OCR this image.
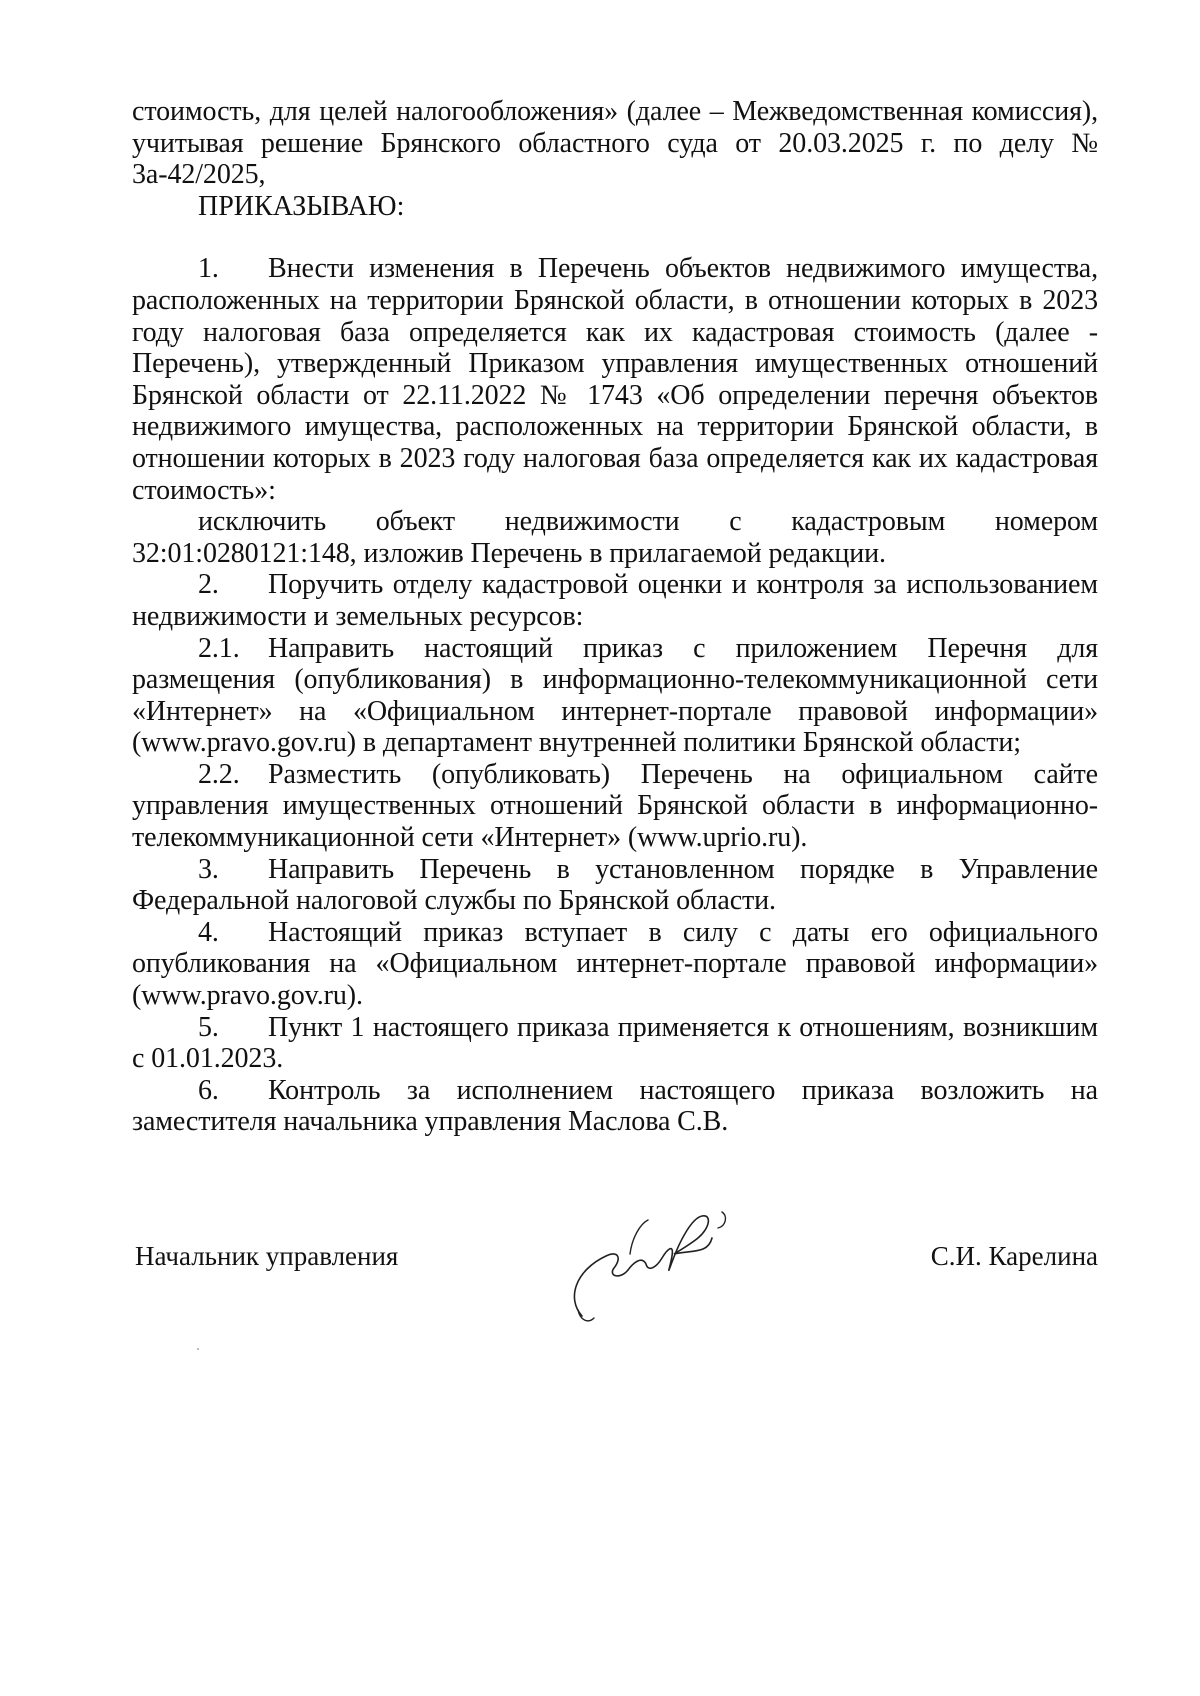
стоимость, для целей налогообложения» (далее – Межведомственная комиссия), учитывая решение Брянского областного суда от 20.03.2025 г. по делу № 3а-42/2025,

ПРИКАЗЫВАЮ:

1. Внести изменения в Перечень объектов недвижимого имущества, расположенных на территории Брянской области, в отношении которых в 2023 году налоговая база определяется как их кадастровая стоимость (далее - Перечень), утвержденный Приказом управления имущественных отношений Брянской области от 22.11.2022 № 1743 «Об определении перечня объектов недвижимого имущества, расположенных на территории Брянской области, в отношении которых в 2023 году налоговая база определяется как их кадастровая стоимость»:

исключить объект недвижимости с кадастровым номером 32:01:0280121:148, изложив Перечень в прилагаемой редакции.

2. Поручить отделу кадастровой оценки и контроля за использованием недвижимости и земельных ресурсов:

2.1. Направить настоящий приказ с приложением Перечня для размещения (опубликования) в информационно-телекоммуникационной сети «Интернет» на «Официальном интернет-портале правовой информации» (www.pravo.gov.ru) в департамент внутренней политики Брянской области;

2.2. Разместить (опубликовать) Перечень на официальном сайте управления имущественных отношений Брянской области в информационно-телекоммуникационной сети «Интернет» (www.uprio.ru).

3. Направить Перечень в установленном порядке в Управление Федеральной налоговой службы по Брянской области.

4. Настоящий приказ вступает в силу с даты его официального опубликования на «Официальном интернет-портале правовой информации» (www.pravo.gov.ru).

5. Пункт 1 настоящего приказа применяется к отношениям, возникшим с 01.01.2023.

6. Контроль за исполнением настоящего приказа возложить на заместителя начальника управления Маслова С.В.

Начальник управления	С.И. Карелина
